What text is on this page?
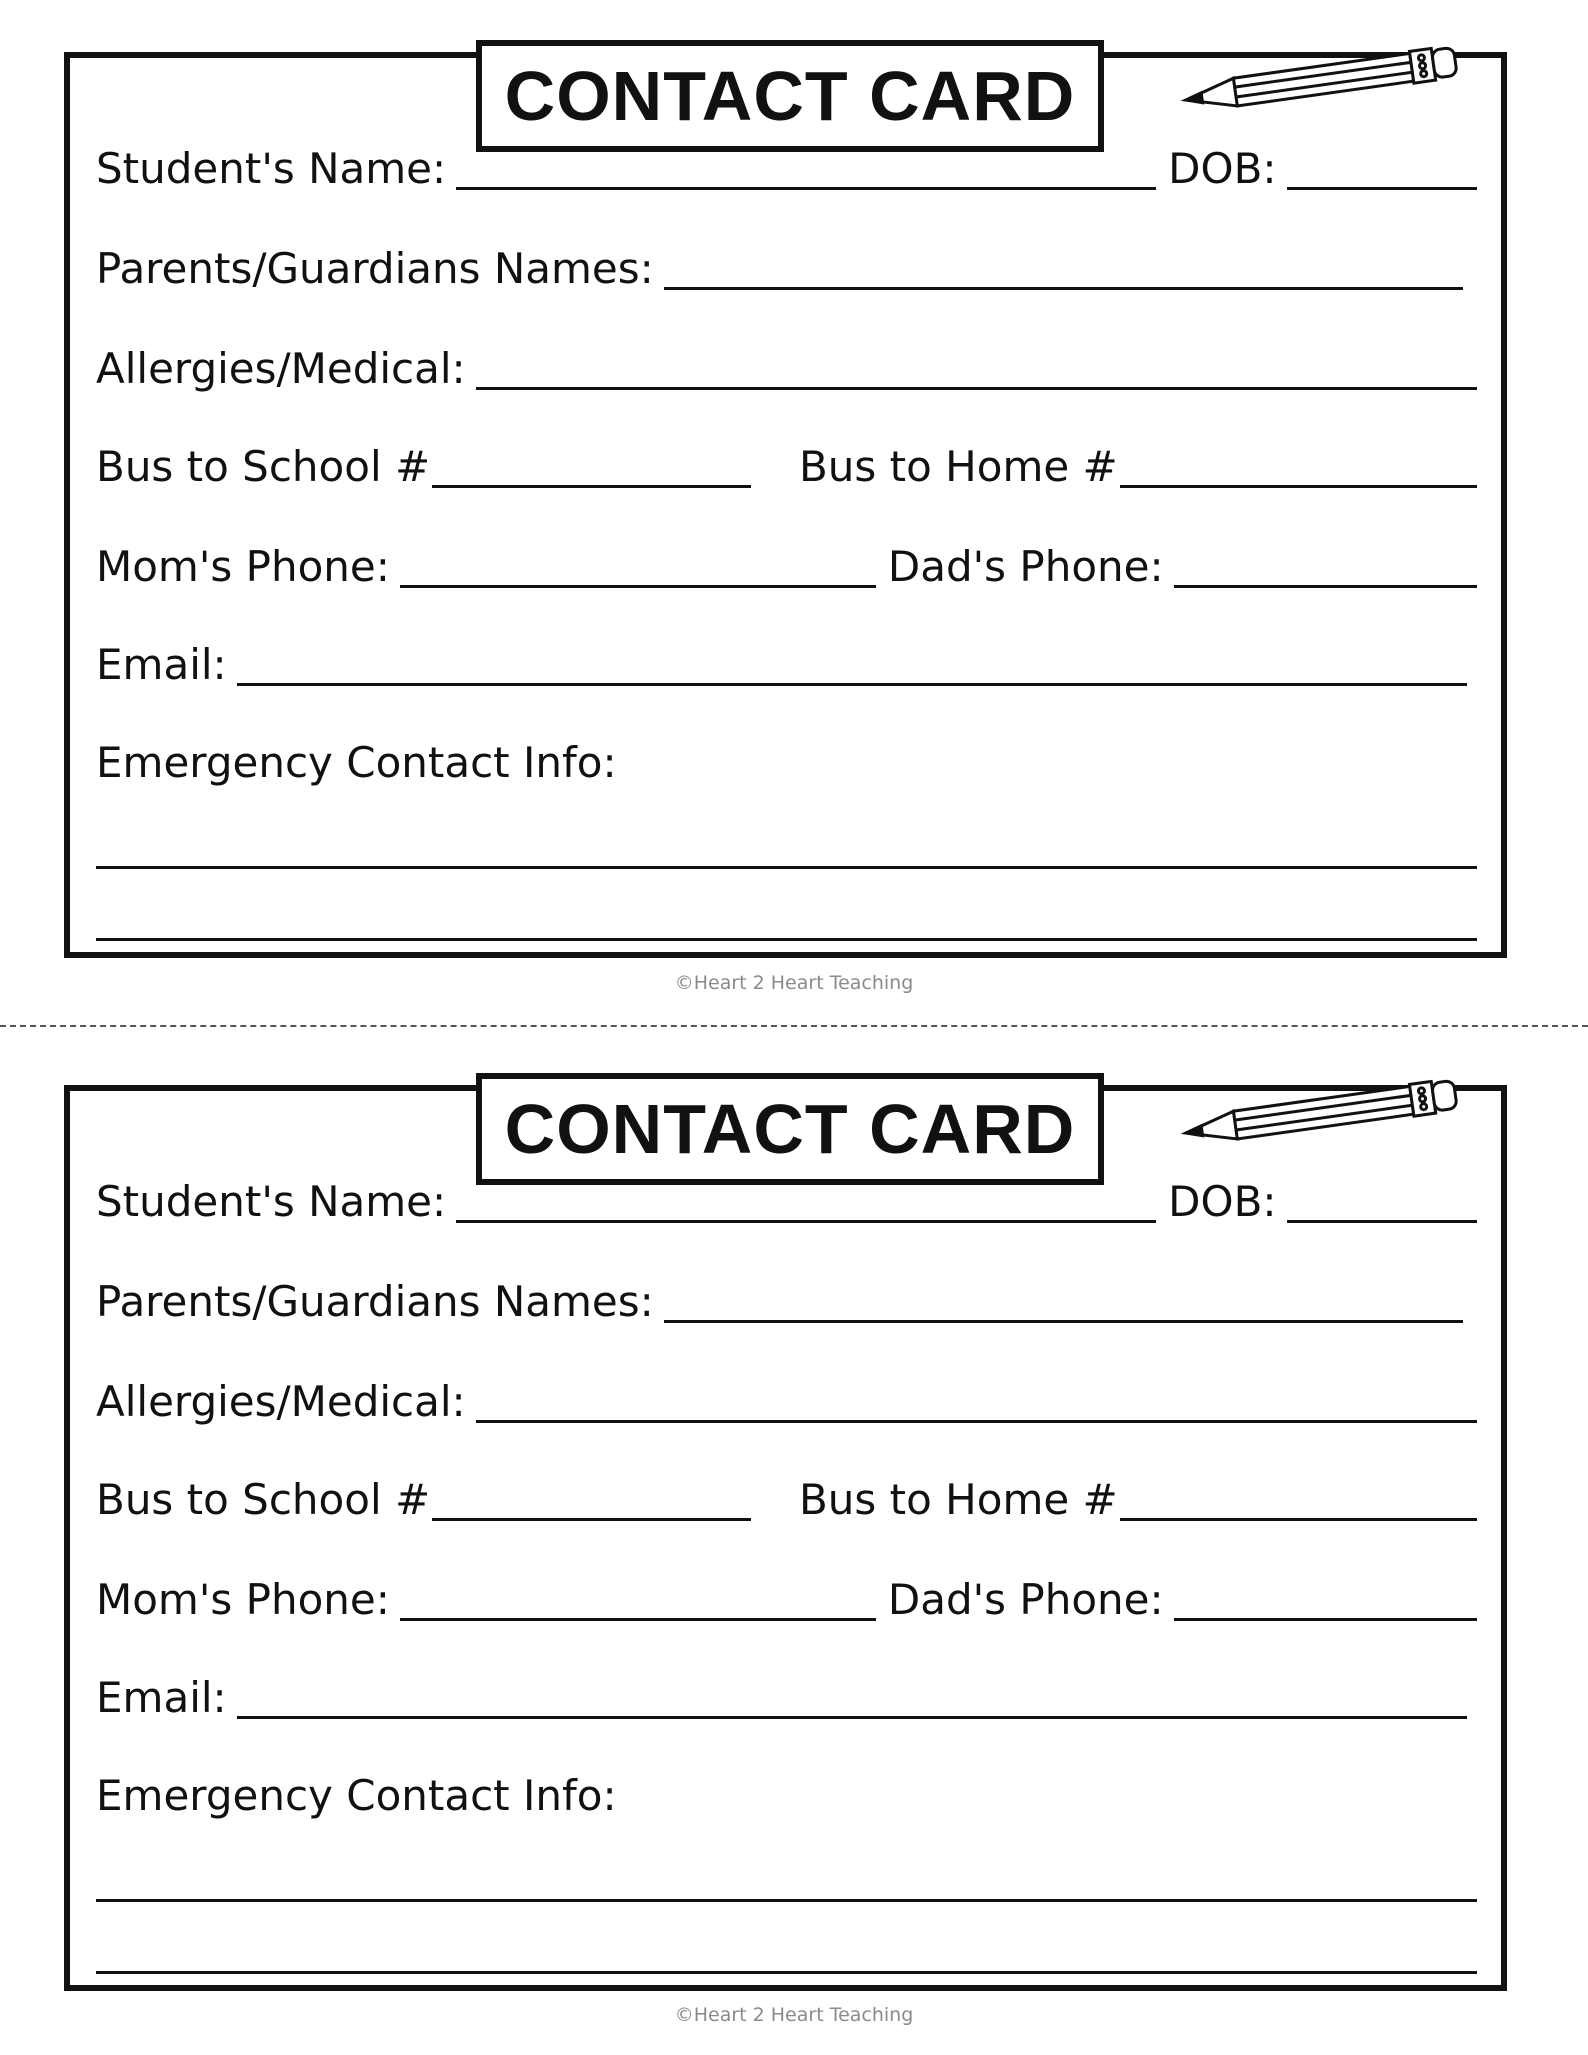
CONTACT CARD
Student's Name:	DOB:
Parents/Guardians Names:
Allergies/Medical:
Bus to School #	Bus to Home #
Mom's Phone:	Dad's Phone:
Email:
Emergency Contact Info:
©Heart 2 Heart Teaching
CONTACT CARD
Student's Name:	DOB:
Parents/Guardians Names:
Allergies/Medical:
Bus to School #	Bus to Home #
Mom's Phone:	Dad's Phone:
Email:
Emergency Contact Info:
©Heart 2 Heart Teaching
